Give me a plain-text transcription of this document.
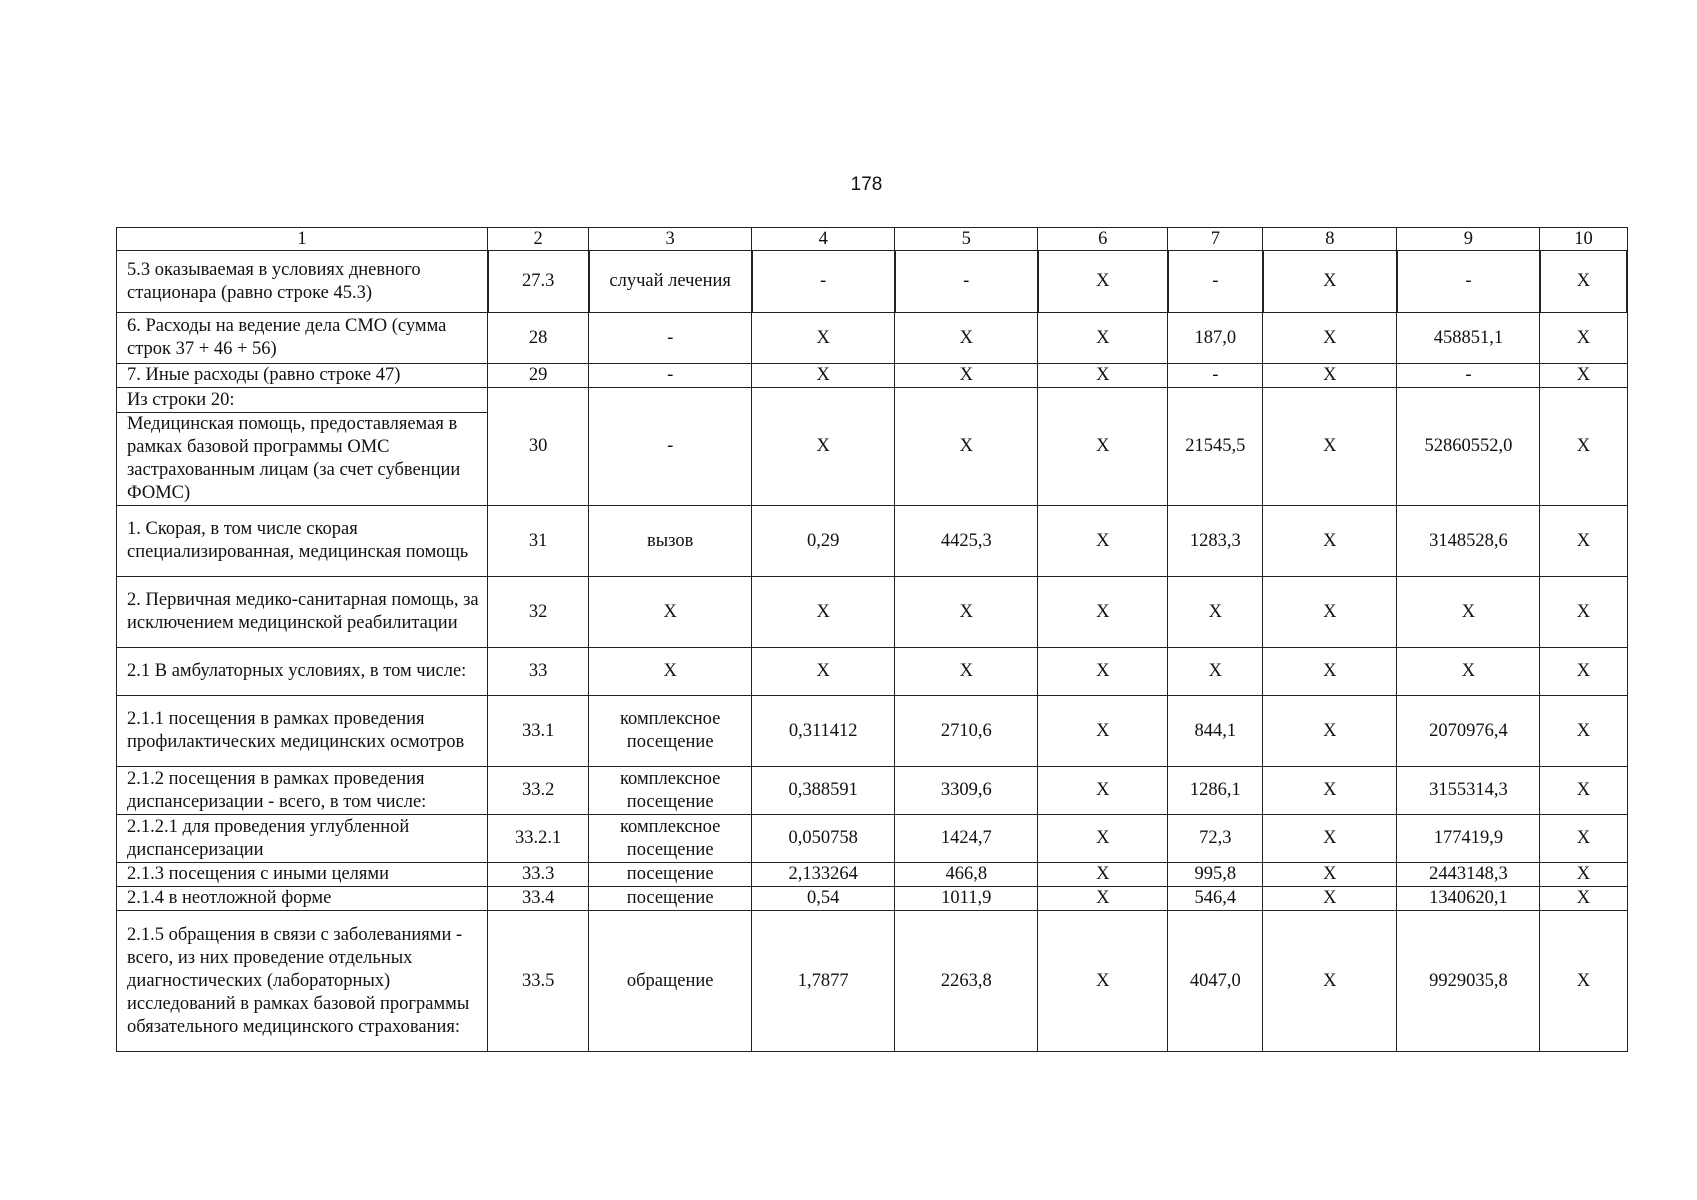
178
1	2	3	4	5	6	7	8	9	10
5.3 оказываемая в условиях дневного стационара (равно строке 45.3)	27.3	случай лечения	-	-	X	-	X	-	X
6. Расходы на ведение дела СМО (сумма строк 37 + 46 + 56)	28	-	X	X	X	187,0	X	458851,1	X
7. Иные расходы (равно строке 47)	29	-	X	X	X	-	X	-	X

Из строки 20:
Медицинская помощь, предоставляемая в рамках базовой программы ОМС застрахованным лицам (за счет субвенции ФОМС)	30	-	X	X	X	21545,5	X	52860552,0	X
1. Скорая, в том числе скорая специализированная, медицинская помощь	31	вызов	0,29	4425,3	X	1283,3	X	3148528,6	X
2. Первичная медико-санитарная помощь, за исключением медицинской реабилитации	32	X	X	X	X	X	X	X	X
2.1 В амбулаторных условиях, в том числе:	33	X	X	X	X	X	X	X	X
2.1.1 посещения в рамках проведения профилактических медицинских осмотров	33.1	комплексное посещение	0,311412	2710,6	X	844,1	X	2070976,4	X
2.1.2 посещения в рамках проведения диспансеризации - всего, в том числе:	33.2	комплексное посещение	0,388591	3309,6	X	1286,1	X	3155314,3	X
2.1.2.1 для проведения углубленной диспансеризации	33.2.1	комплексное посещение	0,050758	1424,7	X	72,3	X	177419,9	X
2.1.3 посещения с иными целями	33.3	посещение	2,133264	466,8	X	995,8	X	2443148,3	X
2.1.4 в неотложной форме	33.4	посещение	0,54	1011,9	X	546,4	X	1340620,1	X
2.1.5 обращения в связи с заболеваниями - всего, из них проведение отдельных диагностических (лабораторных) исследований в рамках базовой программы обязательного медицинского страхования:	33.5	обращение	1,7877	2263,8	X	4047,0	X	9929035,8	X
